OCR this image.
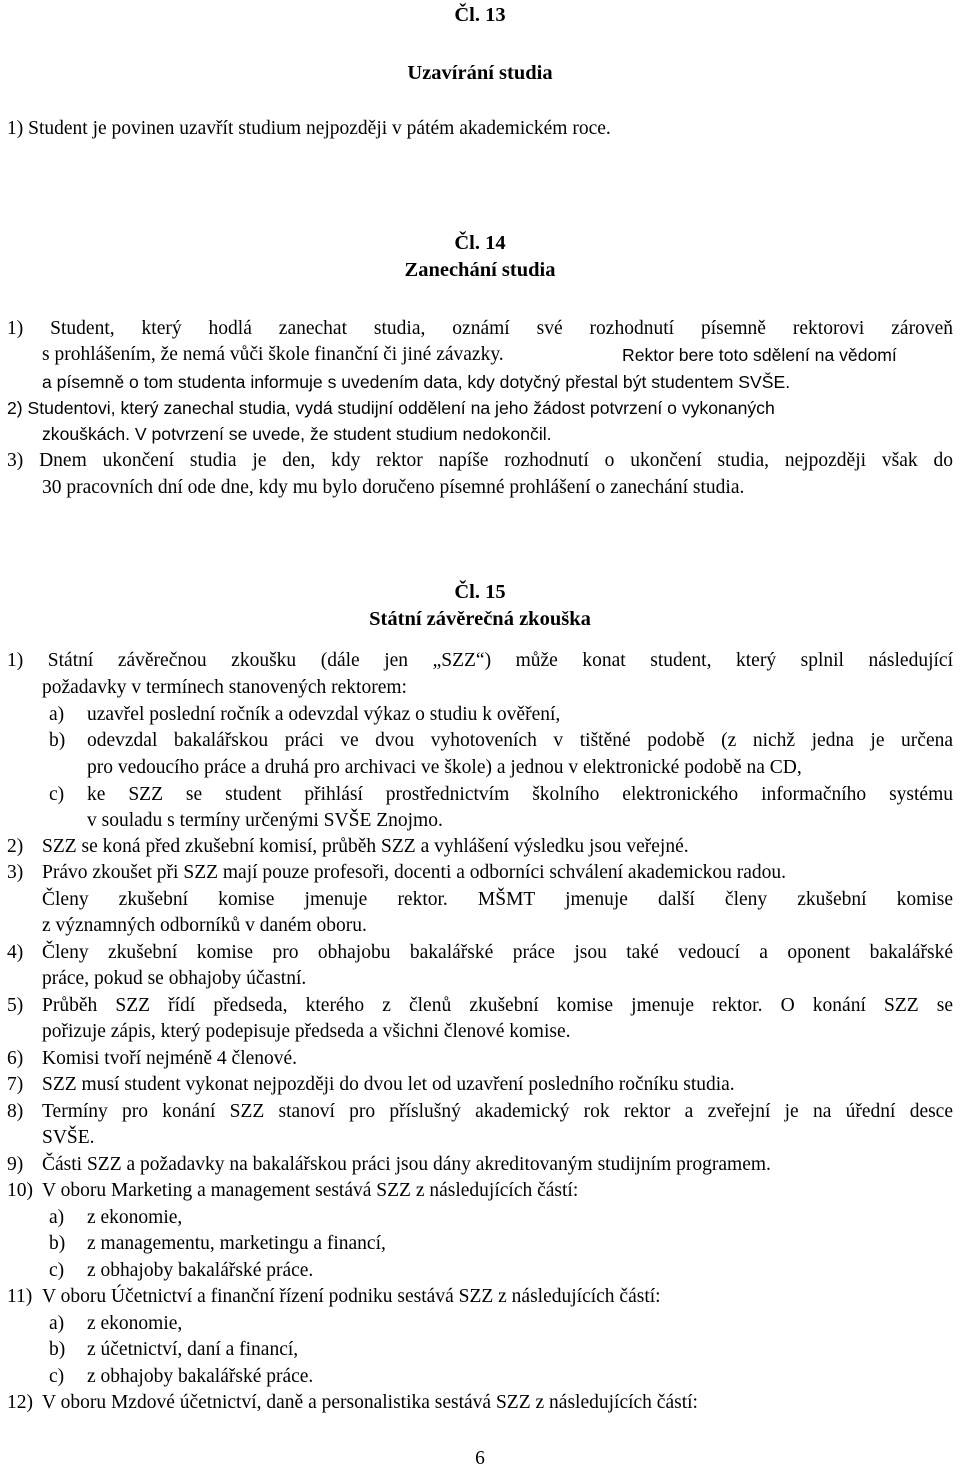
Čl. 13
Uzavírání studia
1) Student je povinen uzavřít studium nejpozději v pátém akademickém roce.
Čl. 14
Zanechání studia
1) Student, který hodlá zanechat studia, oznámí své rozhodnutí písemně rektorovi zároveň
s prohlášením, že nemá vůči škole finanční či jiné závazky.	Rektor bere toto sdělení na vědomí
a písemně o tom studenta informuje s uvedením data, kdy dotyčný přestal být studentem SVŠE.
2) Studentovi, který zanechal studia, vydá studijní oddělení na jeho žádost potvrzení o vykonaných
zkouškách. V potvrzení se uvede, že student studium nedokončil.
3) Dnem ukončení studia je den, kdy rektor napíše rozhodnutí o ukončení studia, nejpozději však do
30 pracovních dní ode dne, kdy mu bylo doručeno písemné prohlášení o zanechání studia.
Čl. 15
Státní závěrečná zkouška
1) Státní závěrečnou zkoušku (dále jen „SZZ“) může konat student, který splnil následující
požadavky v termínech stanovených rektorem:
a) uzavřel poslední ročník a odevzdal výkaz o studiu k ověření,
b) odevzdal bakalářskou práci ve dvou vyhotoveních v tištěné podobě (z nichž jedna je určena
pro vedoucího práce a druhá pro archivaci ve škole) a jednou v elektronické podobě na CD,
c) ke SZZ se student přihlásí prostřednictvím školního elektronického informačního systému
v souladu s termíny určenými SVŠE Znojmo.
2) SZZ se koná před zkušební komisí, průběh SZZ a vyhlášení výsledku jsou veřejné.
3) Právo zkoušet při SZZ mají pouze profesoři, docenti a odborníci schválení akademickou radou.
Členy zkušební komise jmenuje rektor. MŠMT jmenuje další členy zkušební komise
z významných odborníků v daném oboru.
4) Členy zkušební komise pro obhajobu bakalářské práce jsou také vedoucí a oponent bakalářské
práce, pokud se obhajoby účastní.
5) Průběh SZZ řídí předseda, kterého z členů zkušební komise jmenuje rektor. O konání SZZ se
pořizuje zápis, který podepisuje předseda a všichni členové komise.
6) Komisi tvoří nejméně 4 členové.
7) SZZ musí student vykonat nejpozději do dvou let od uzavření posledního ročníku studia.
8) Termíny pro konání SZZ stanoví pro příslušný akademický rok rektor a zveřejní je na úřední desce
SVŠE.
9) Části SZZ a požadavky na bakalářskou práci jsou dány akreditovaným studijním programem.
10) V oboru Marketing a management sestává SZZ z následujících částí:
a) z ekonomie,
b) z managementu, marketingu a financí,
c) z obhajoby bakalářské práce.
11) V oboru Účetnictví a finanční řízení podniku sestává SZZ z následujících částí:
a) z ekonomie,
b) z účetnictví, daní a financí,
c) z obhajoby bakalářské práce.
12) V oboru Mzdové účetnictví, daně a personalistika sestává SZZ z následujících částí:
6
